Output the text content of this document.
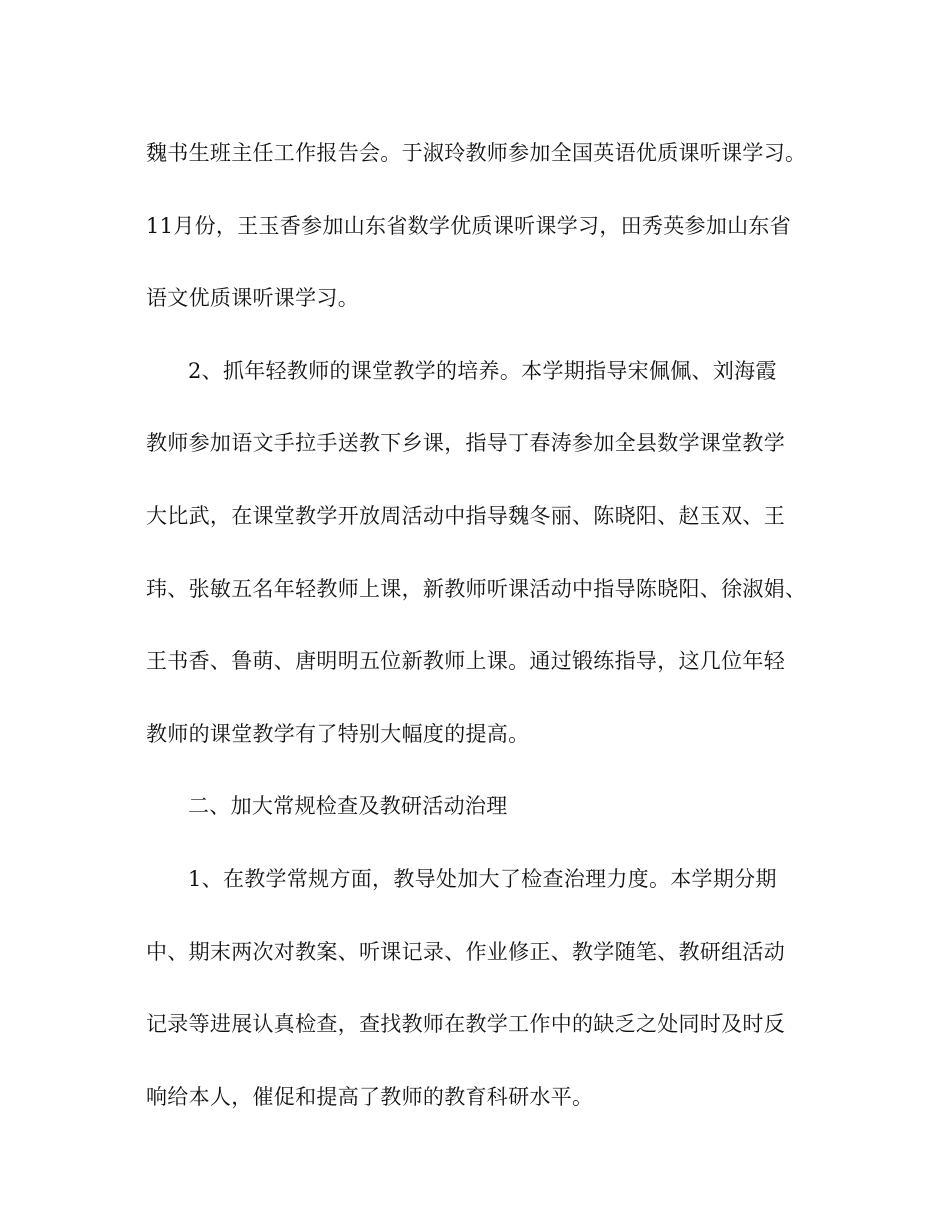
魏书生班主任工作报告会。于淑玲教师参加全国英语优质课听课学习。
11月份，王玉香参加山东省数学优质课听课学习，田秀英参加山东省
语文优质课听课学习。
2、抓年轻教师的课堂教学的培养。本学期指导宋佩佩、刘海霞
教师参加语文手拉手送教下乡课，指导丁春涛参加全县数学课堂教学
大比武，在课堂教学开放周活动中指导魏冬丽、陈晓阳、赵玉双、王
玮、张敏五名年轻教师上课，新教师听课活动中指导陈晓阳、徐淑娟、
王书香、鲁萌、唐明明五位新教师上课。通过锻练指导，这几位年轻
教师的课堂教学有了特别大幅度的提高。
二、加大常规检查及教研活动治理
1、在教学常规方面，教导处加大了检查治理力度。本学期分期
中、期末两次对教案、听课记录、作业修正、教学随笔、教研组活动
记录等进展认真检查，查找教师在教学工作中的缺乏之处同时及时反
响给本人，催促和提高了教师的教育科研水平。
